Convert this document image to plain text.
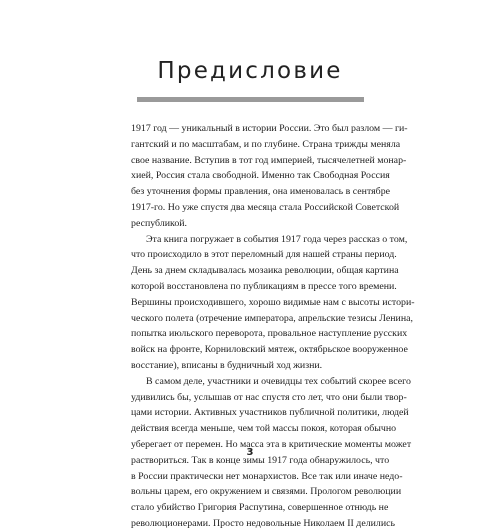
Предисловие
1917 год — уникальный в истории России. Это был разлом — ги-
гантский и по масштабам, и по глубине. Страна трижды меняла
свое название. Вступив в тот год империей, тысячелетней монар-
хией, Россия стала свободной. Именно так Свободная Россия
без уточнения формы правления, она именовалась в сентябре
1917-го. Но уже спустя два месяца стала Российской Советской
республикой.
Эта книга погружает в события 1917 года через рассказ о том,
что происходило в этот переломный для нашей страны период.
День за днем складывалась мозаика революции, общая картина
которой восстановлена по публикациям в прессе того времени.
Вершины происходившего, хорошо видимые нам с высоты истори-
ческого полета (отречение императора, апрельские тезисы Ленина,
попытка июльского переворота, провальное наступление русских
войск на фронте, Корниловский мятеж, октябрьское вооруженное
восстание), вписаны в будничный ход жизни.
В самом деле, участники и очевидцы тех событий скорее всего
удивились бы, услышав от нас спустя сто лет, что они были твор-
цами истории. Активных участников публичной политики, людей
действия всегда меньше, чем той массы покоя, которая обычно
уберегает от перемен. Но масса эта в критические моменты может
раствориться. Так в конце зимы 1917 года обнаружилось, что
в России практически нет монархистов. Все так или иначе недо-
вольны царем, его окружением и связями. Прологом революции
стало убийство Григория Распутина, совершенное отнюдь не
революционерами. Просто недовольные Николаем II делились
3
